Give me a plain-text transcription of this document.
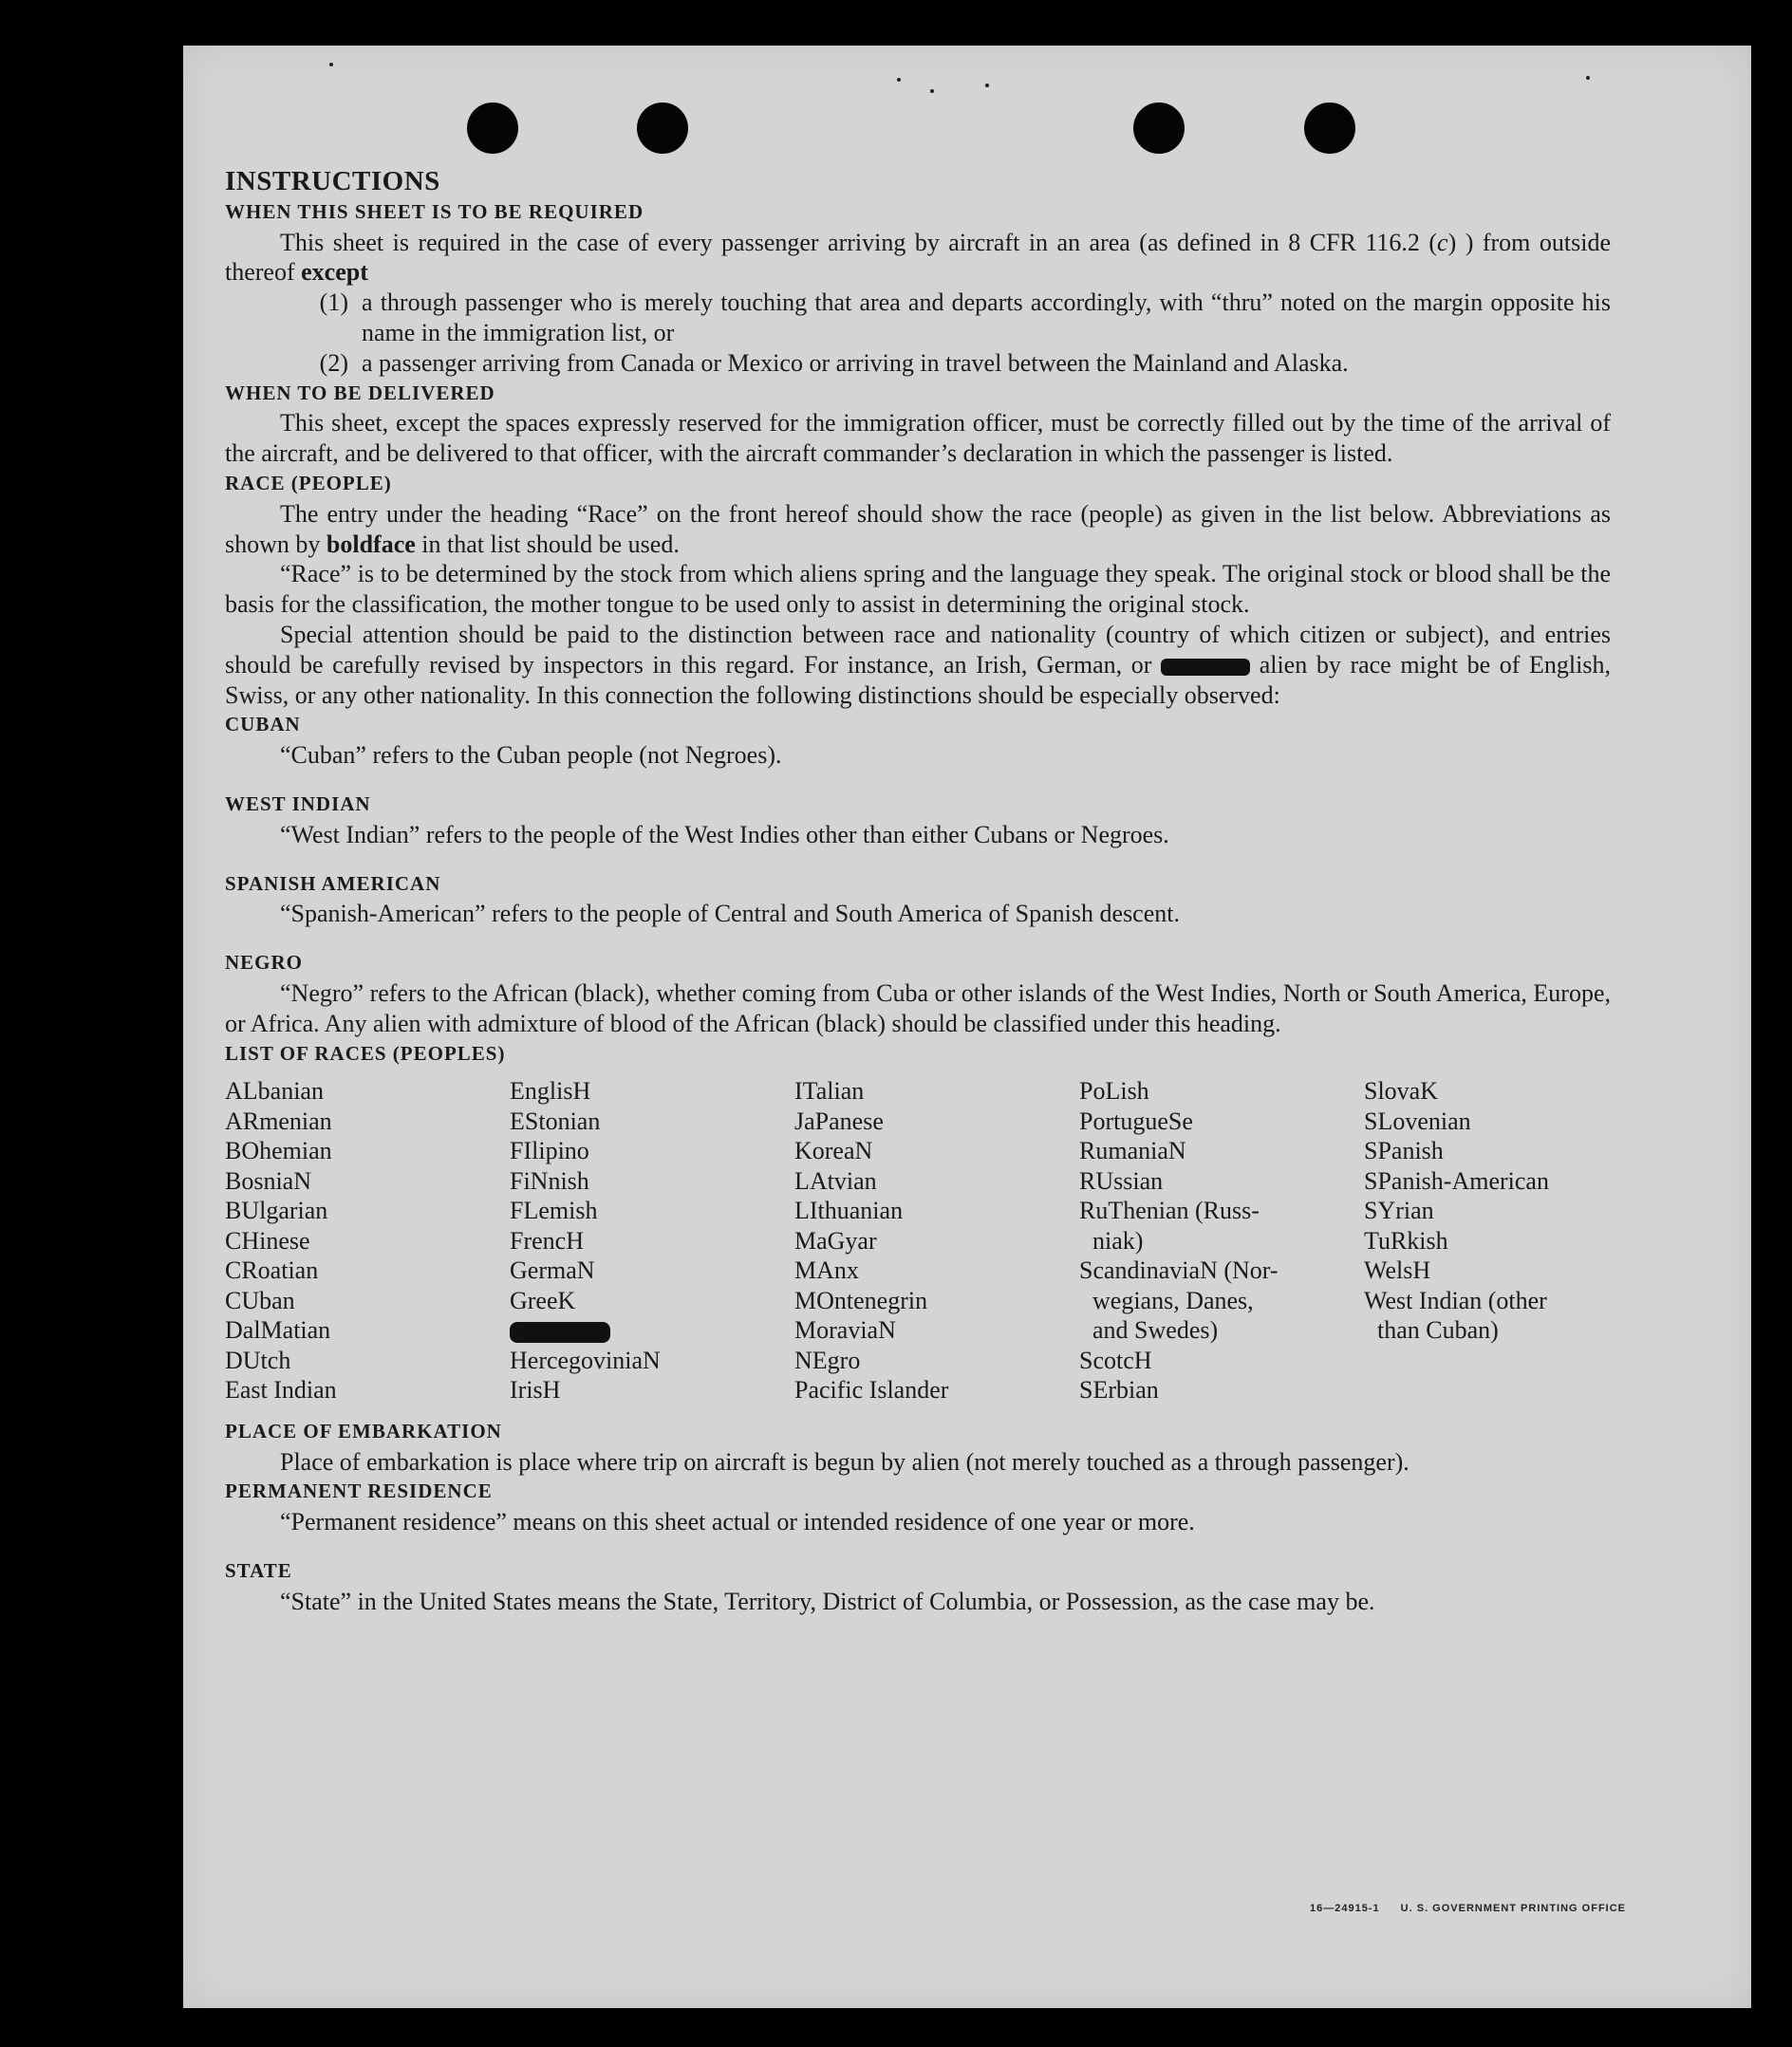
INSTRUCTIONS

WHEN THIS SHEET IS TO BE REQUIRED

This sheet is required in the case of every passenger arriving by aircraft in an area (as defined in 8 CFR 116.2 (c) ) from outside thereof except

(1) a through passenger who is merely touching that area and departs accordingly, with “thru” noted on the margin opposite his name in the immigration list, or
(2) a passenger arriving from Canada or Mexico or arriving in travel between the Mainland and Alaska.

WHEN TO BE DELIVERED

This sheet, except the spaces expressly reserved for the immigration officer, must be correctly filled out by the time of the arrival of the aircraft, and be delivered to that officer, with the aircraft commander’s declaration in which the passenger is listed.

RACE (PEOPLE)

The entry under the heading “Race” on the front hereof should show the race (people) as given in the list below. Abbreviations as shown by boldface in that list should be used.

“Race” is to be determined by the stock from which aliens spring and the language they speak. The original stock or blood shall be the basis for the classification, the mother tongue to be used only to assist in determining the original stock.

Special attention should be paid to the distinction between race and nationality (country of which citizen or subject), and entries should be carefully revised by inspectors in this regard. For instance, an Irish, German, or	alien by race might be of English, Swiss, or any other nationality. In this connection the following distinctions should be especially observed:

CUBAN

“Cuban” refers to the Cuban people (not Negroes).

WEST INDIAN

“West Indian” refers to the people of the West Indies other than either Cubans or Negroes.

SPANISH AMERICAN

“Spanish-American” refers to the people of Central and South America of Spanish descent.

NEGRO

“Negro” refers to the African (black), whether coming from Cuba or other islands of the West Indies, North or South America, Europe, or Africa. Any alien with admixture of blood of the African (black) should be classified under this heading.

LIST OF RACES (PEOPLES)

ALbanian

ARmenian

BOhemian

BosniaN

BUlgarian

CHinese

CRoatian

CUban

DalMatian

DUtch

East Indian

EnglisH

EStonian

FIlipino

FiNnish

FLemish

FrencH

GermaN

GreeK

HercegoviniaN

IrisH

ITalian

JaPanese

KoreaN

LAtvian

LIthuanian

MaGyar

MAnx

MOntenegrin

MoraviaN

NEgro

Pacific Islander

PoLish

PortugueSe

RumaniaN

RUssian

RuThenian (Russ-

niak)

ScandinaviaN (Nor-

wegians, Danes,

and Swedes)

ScotcH

SErbian

SlovaK

SLovenian

SPanish

SPanish-American

SYrian

TuRkish

WelsH

West Indian (other

than Cuban)

PLACE OF EMBARKATION

Place of embarkation is place where trip on aircraft is begun by alien (not merely touched as a through passenger).

PERMANENT RESIDENCE

“Permanent residence” means on this sheet actual or intended residence of one year or more.

STATE

“State” in the United States means the State, Territory, District of Columbia, or Possession, as the case may be.

16—24915-1 U. S. GOVERNMENT PRINTING OFFICE
